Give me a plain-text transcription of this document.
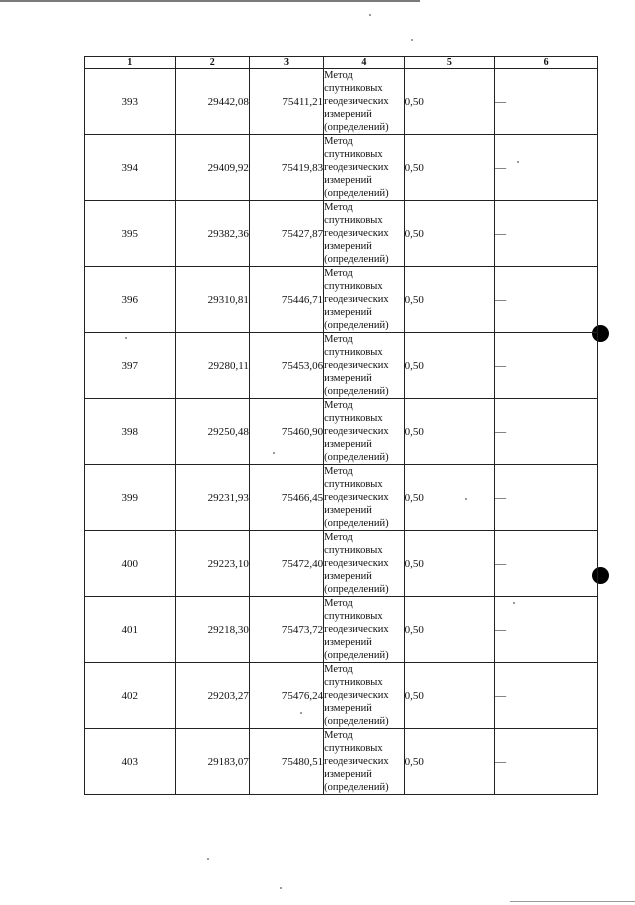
1	2	3	4	5	6
393	29442,08	75411,21	Метод спутниковых геодезических измерений (определений)	0,50	—
394	29409,92	75419,83	Метод спутниковых геодезических измерений (определений)	0,50	—
395	29382,36	75427,87	Метод спутниковых геодезических измерений (определений)	0,50	—
396	29310,81	75446,71	Метод спутниковых геодезических измерений (определений)	0,50	—
397	29280,11	75453,06	Метод спутниковых геодезических измерений (определений)	0,50	—
398	29250,48	75460,90	Метод спутниковых геодезических измерений (определений)	0,50	—
399	29231,93	75466,45	Метод спутниковых геодезических измерений (определений)	0,50	—
400	29223,10	75472,40	Метод спутниковых геодезических измерений (определений)	0,50	—
401	29218,30	75473,72	Метод спутниковых геодезических измерений (определений)	0,50	—
402	29203,27	75476,24	Метод спутниковых геодезических измерений (определений)	0,50	—
403	29183,07	75480,51	Метод спутниковых геодезических измерений (определений)	0,50	—
